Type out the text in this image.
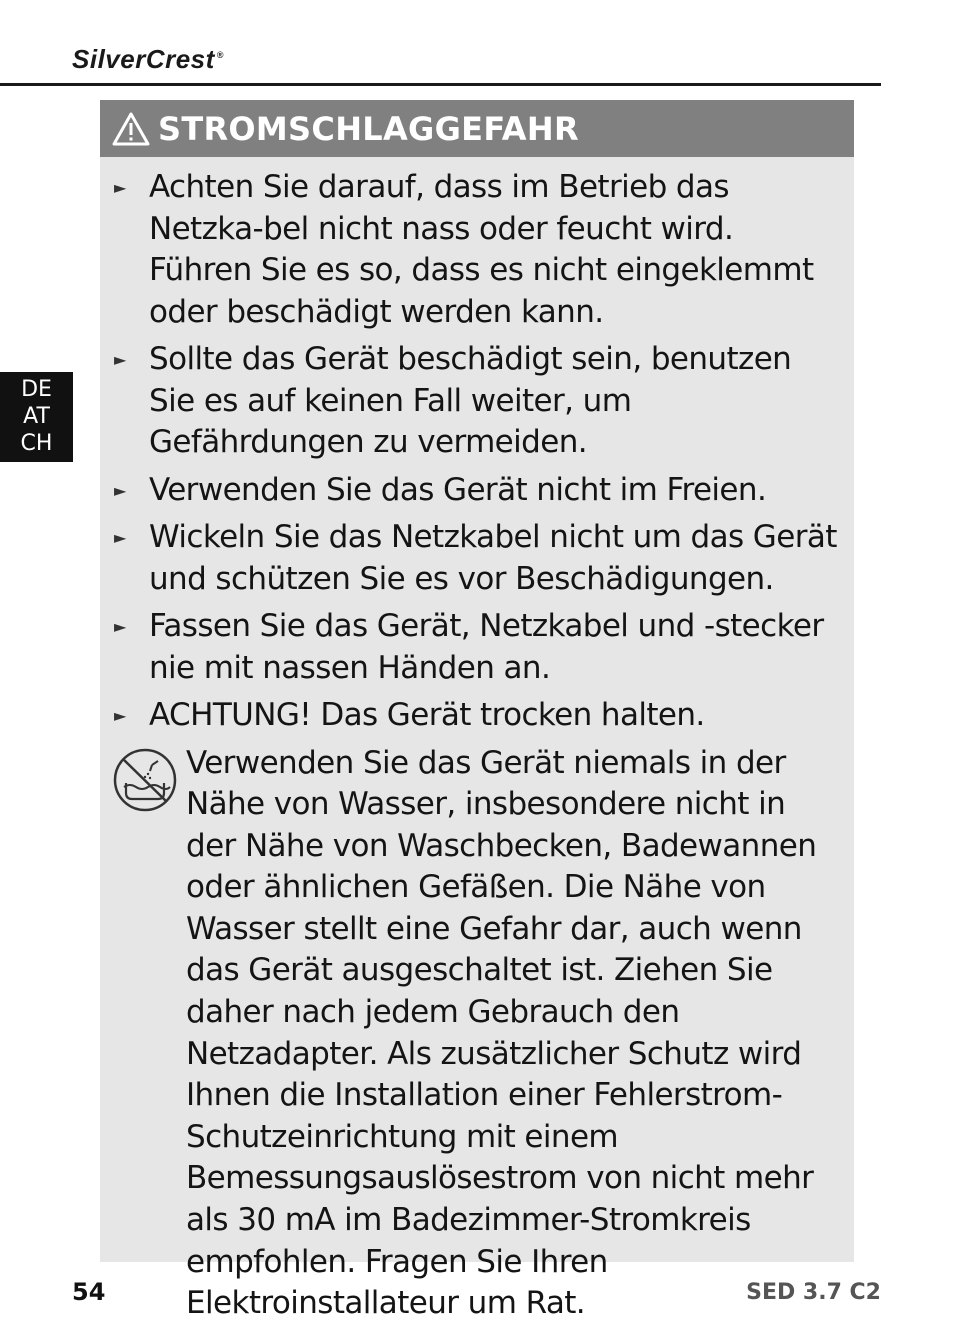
SilverCrest ®
DE
AT
CH
STROMSCHLAGGEFAHR
► Achten Sie darauf, dass im Betrieb das Netzka-bel nicht nass oder feucht wird. Führen Sie es so, dass es nicht eingeklemmt oder beschädigt werden kann.
► Sollte das Gerät beschädigt sein, benutzen Sie es auf keinen Fall weiter, um Gefährdungen zu vermeiden.
► Verwenden Sie das Gerät nicht im Freien.
► Wickeln Sie das Netzkabel nicht um das Gerät und schützen Sie es vor Beschädigungen.
► Fassen Sie das Gerät, Netzkabel und -stecker nie mit nassen Händen an.
► ACHTUNG! Das Gerät trocken halten.
Verwenden Sie das Gerät niemals in der Nähe von Wasser, insbesondere nicht in der Nähe von Waschbecken, Badewannen oder ähnlichen Gefäßen. Die Nähe von Wasser stellt eine Gefahr dar, auch wenn das Gerät ausgeschaltet ist. Ziehen Sie daher nach jedem Gebrauch den Netzadapter. Als zusätzlicher Schutz wird Ihnen die Installation einer Fehlerstrom-Schutzeinrichtung mit einem Bemessungsauslösestrom von nicht mehr als 30 mA im Badezimmer-Stromkreis empfohlen. Fragen Sie Ihren Elektroinstallateur um Rat.
54	SED 3.7 C2
